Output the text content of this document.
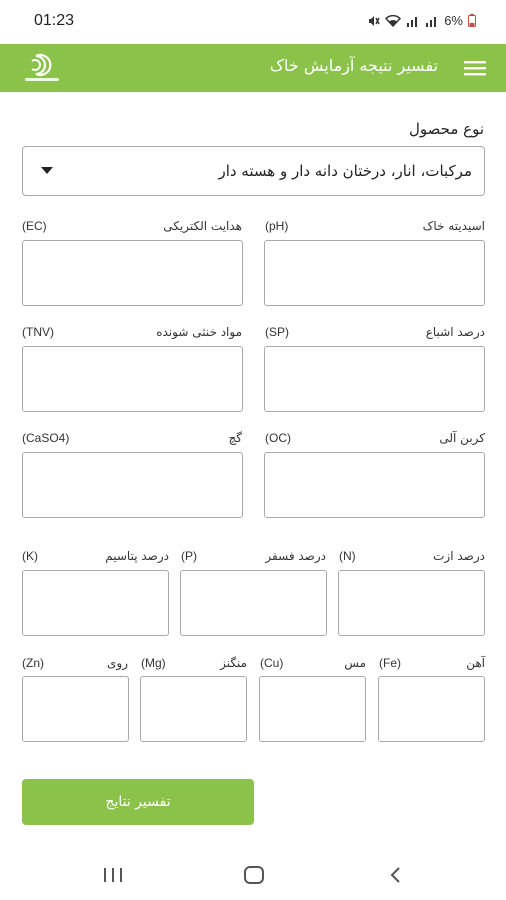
01:23	6%
تفسیر نتیجه آزمایش خاک
نوع محصول
مرکبات، انار، درختان دانه دار و هسته دار
اسیدیته خاک
(pH)
هدایت الکتریکی
(EC)
درصد اشباع
(SP)
مواد خنثی شونده
(TNV)
کربن آلی
(OC)
گچ
(CaSO4)
درصد ازت
(N)
درصد فسفر
(P)
درصد پتاسیم
(K)
آهن
(Fe)
مس
(Cu)
منگنز
(Mg)
روی
(Zn)
تفسیر نتایج
